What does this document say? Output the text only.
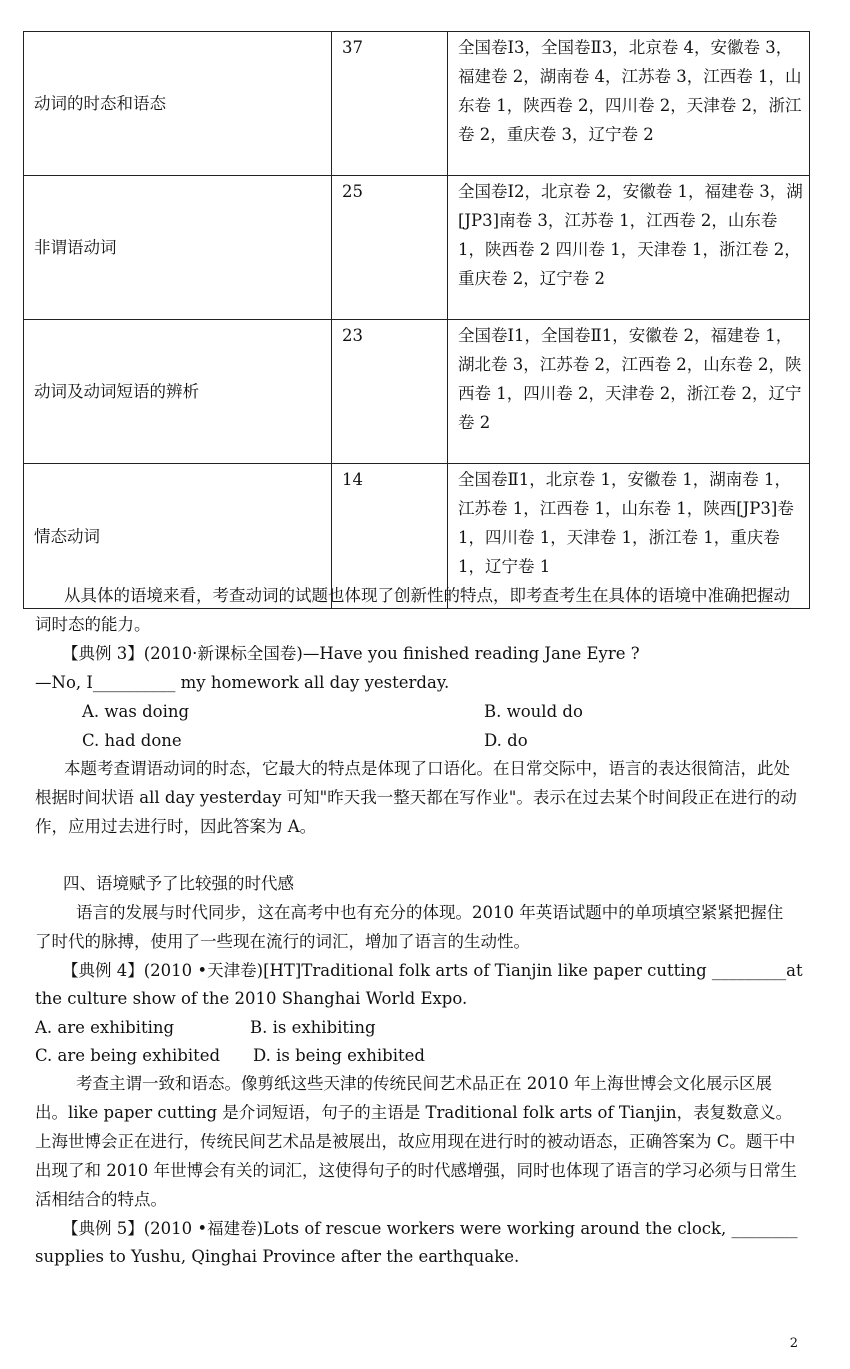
动词的时态和语态	37	全国卷Ⅰ3，全国卷Ⅱ3，北京卷 4，安徽卷 3，福建卷 2，湖南卷 4，江苏卷 3，江西卷 1，山东卷 1，陕西卷 2，四川卷 2，天津卷 2，浙江卷 2，重庆卷 3，辽宁卷 2
非谓语动词	25	全国卷Ⅰ2，北京卷 2，安徽卷 1，福建卷 3，湖[JP3]南卷 3，江苏卷 1，江西卷 2，山东卷 1，陕西卷 2 四川卷 1，天津卷 1，浙江卷 2，重庆卷 2，辽宁卷 2
动词及动词短语的辨析	23	全国卷Ⅰ1，全国卷Ⅱ1，安徽卷 2，福建卷 1，湖北卷 3，江苏卷 2，江西卷 2，山东卷 2，陕西卷 1，四川卷 2，天津卷 2，浙江卷 2，辽宁卷 2
情态动词	14	全国卷Ⅱ1，北京卷 1，安徽卷 1，湖南卷 1，江苏卷 1，江西卷 1，山东卷 1，陕西[JP3]卷 1，四川卷 1，天津卷 1，浙江卷 1，重庆卷 1，辽宁卷 1
从具体的语境来看，考查动词的试题也体现了创新性的特点，即考查考生在具体的语境中准确把握动词时态的能力。
【典例 3】(2010·新课标全国卷)—Have you finished reading Jane Eyre ?
—No, I__________ my homework all day yesterday.
A. was doing	B. would do
C. had done	D. do
本题考查谓语动词的时态，它最大的特点是体现了口语化。在日常交际中，语言的表达很简洁，此处根据时间状语 all day yesterday 可知"昨天我一整天都在写作业"。表示在过去某个时间段正在进行的动作，应用过去进行时，因此答案为 A。
四、语境赋予了比较强的时代感
语言的发展与时代同步，这在高考中也有充分的体现。2010 年英语试题中的单项填空紧紧把握住了时代的脉搏，使用了一些现在流行的词汇，增加了语言的生动性。
【典例 4】(2010 •天津卷)[HT]Traditional folk arts of Tianjin like paper cutting _________at
the culture show of the 2010 Shanghai World Expo.
A. are exhibiting	B. is exhibiting
C. are being exhibited D. is being exhibited
考查主谓一致和语态。像剪纸这些天津的传统民间艺术品正在 2010 年上海世博会文化展示区展出。like paper cutting 是介词短语，句子的主语是 Traditional folk arts of Tianjin，表复数意义。上海世博会正在进行，传统民间艺术品是被展出，故应用现在进行时的被动语态，正确答案为 C。题干中出现了和 2010 年世博会有关的词汇，这使得句子的时代感增强，同时也体现了语言的学习必须与日常生活相结合的特点。
【典例 5】(2010 •福建卷)Lots of rescue workers were working around the clock, ________
supplies to Yushu, Qinghai Province after the earthquake.
2
